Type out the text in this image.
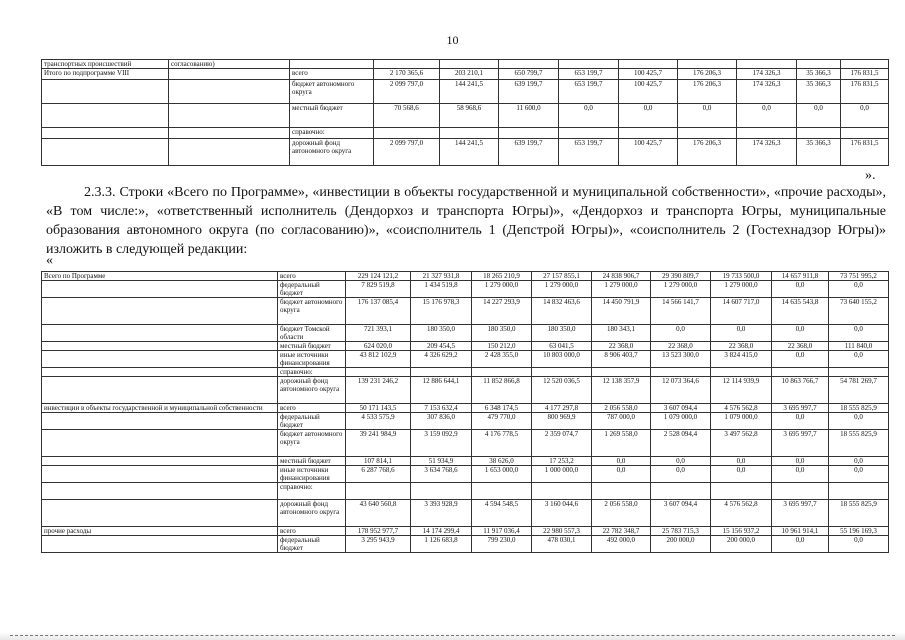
10
транспортных происшествий	согласованию)										
Итого по подпрограмме VIII		всего	2 170 365,6	203 210,1	650 799,7	653 199,7	100 425,7	176 206,3	174 326,3	35 366,3	176 831,5
		бюджет автономного округа	2 099 797,0	144 241,5	639 199,7	653 199,7	100 425,7	176 206,3	174 326,3	35 366,3	176 831,5
		местный бюджет	70 568,6	58 968,6	11 600,0	0,0	0,0	0,0	0,0	0,0	0,0
		справочно:									
		дорожный фонд автономного округа	2 099 797,0	144 241,5	639 199,7	653 199,7	100 425,7	176 206,3	174 326,3	35 366,3	176 831,5
».
2.3.3. Строки «Всего по Программе», «инвестиции в объекты государственной и муниципальной собственности», «прочие расходы», «В том числе:», «ответственный исполнитель (Дендорхоз и транспорта Югры)», «Дендорхоз и транспорта Югры, муниципальные образования автономного округа (по согласованию)», «соисполнитель 1 (Депстрой Югры)», «соисполнитель 2 (Гостехнадзор Югры)» изложить в следующей редакции:
«
Всего по Программе	всего	229 124 121,2	21 327 931,8	18 265 210,9	27 157 855,1	24 838 906,7	29 390 809,7	19 733 500,0	14 657 911,8	73 751 995,2
	федеральный бюджет	7 829 519,8	1 434 519,8	1 279 000,0	1 279 000,0	1 279 000,0	1 279 000,0	1 279 000,0	0,0	0,0
	бюджет автономного округа	176 137 085,4	15 176 978,3	14 227 293,9	14 832 463,6	14 450 791,9	14 566 141,7	14 607 717,0	14 635 543,8	73 640 155,2
	бюджет Томской области	721 393,1	180 350,0	180 350,0	180 350,0	180 343,1	0,0	0,0	0,0	0,0
	местный бюджет	624 020,0	209 454,5	150 212,0	63 041,5	22 368,0	22 368,0	22 368,0	22 368,0	111 840,0
	иные источники финансирования	43 812 102,9	4 326 629,2	2 428 355,0	10 803 000,0	8 906 403,7	13 523 300,0	3 824 415,0	0,0	0,0
	справочно:									
	дорожный фонд автономного округа	139 231 246,2	12 886 644,1	11 852 866,8	12 520 036,5	12 138 357,9	12 073 364,6	12 114 939,9	10 863 766,7	54 781 269,7
инвестиции в объекты государственной и муниципальной собственности	всего	50 171 143,5	7 153 632,4	6 348 174,5	4 177 297,8	2 056 558,0	3 607 094,4	4 576 562,8	3 695 997,7	18 555 825,9
	федеральный бюджет	4 533 575,9	307 836,0	479 770,0	800 969,9	787 000,0	1 079 000,0	1 079 000,0	0,0	0,0
	бюджет автономного округа	39 241 984,9	3 159 092,9	4 176 778,5	2 359 074,7	1 269 558,0	2 528 094,4	3 497 562,8	3 695 997,7	18 555 825,9
	местный бюджет	107 814,1	51 934,9	38 626,0	17 253,2	0,0	0,0	0,0	0,0	0,0
	иные источники финансирования	6 287 768,6	3 634 768,6	1 653 000,0	1 000 000,0	0,0	0,0	0,0	0,0	0,0
	справочно:									
	дорожный фонд автономного округа	43 640 560,8	3 393 928,9	4 594 548,5	3 160 044,6	2 056 558,0	3 607 094,4	4 576 562,8	3 695 997,7	18 555 825,9
прочие расходы	всего	178 952 977,7	14 174 299,4	11 917 036,4	22 980 557,3	22 782 348,7	25 783 715,3	15 156 937,2	10 961 914,1	55 196 169,3
	федеральный бюджет	3 295 943,9	1 126 683,8	799 230,0	478 030,1	492 000,0	200 000,0	200 000,0	0,0	0,0
